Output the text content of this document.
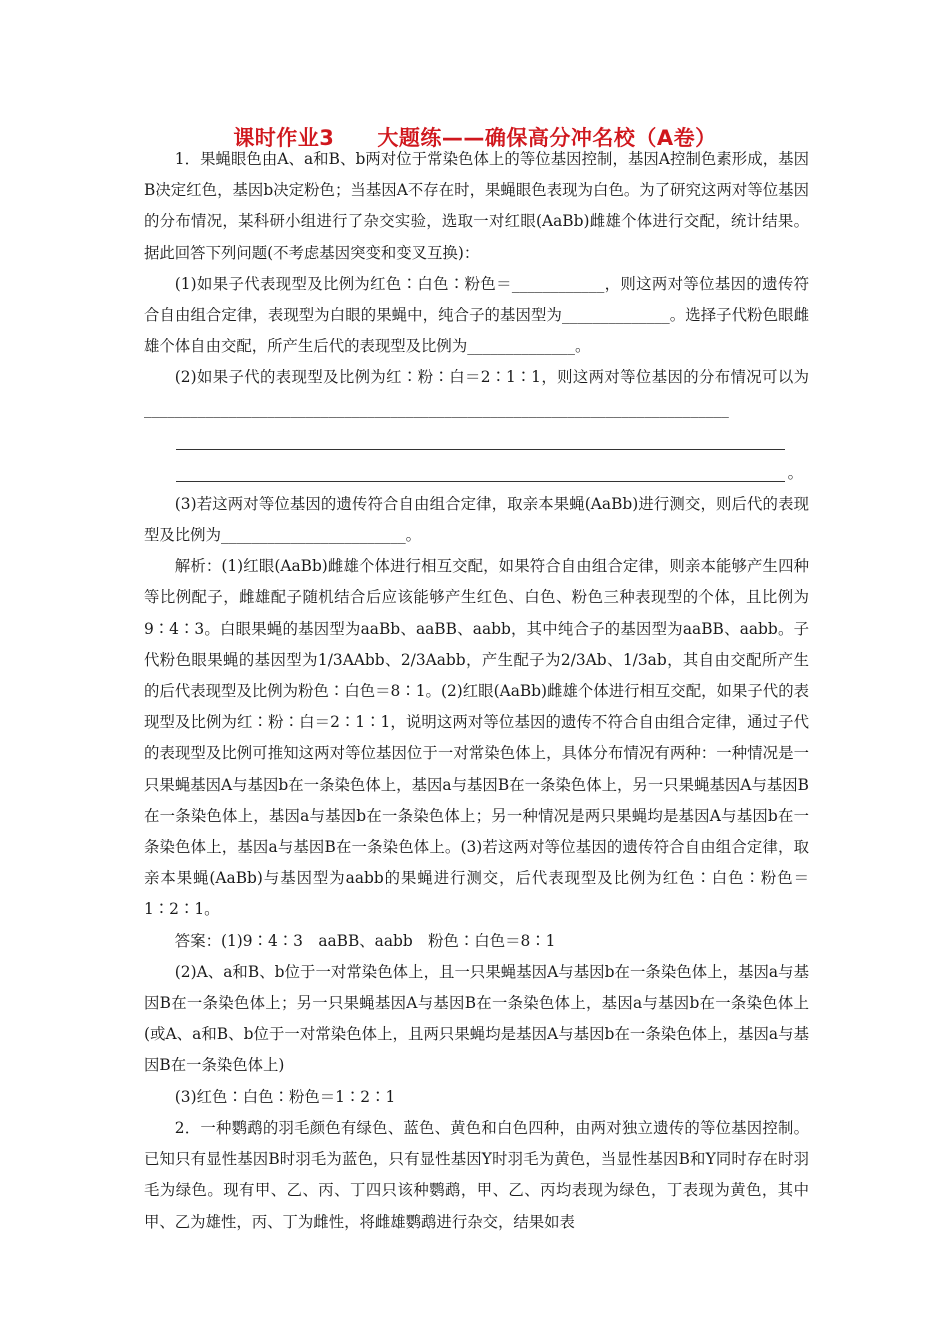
课时作业3　　大题练——确保高分冲名校（A卷）

1．果蝇眼色由A、a和B、b两对位于常染色体上的等位基因控制，基因A控制色素形成，基因B决定红色，基因b决定粉色；当基因A不存在时，果蝇眼色表现为白色。为了研究这两对等位基因的分布情况，某科研小组进行了杂交实验，选取一对红眼(AaBb)雌雄个体进行交配，统计结果。据此回答下列问题(不考虑基因突变和变叉互换)：

(1)如果子代表现型及比例为红色∶白色∶粉色＝____________，则这两对等位基因的遗传符合自由组合定律，表现型为白眼的果蝇中，纯合子的基因型为______________。选择子代粉色眼雌雄个体自由交配，所产生后代的表现型及比例为______________。

(2)如果子代的表现型及比例为红∶粉∶白＝2∶1∶1，则这两对等位基因的分布情况可以为____________________________________________________________________________

。

(3)若这两对等位基因的遗传符合自由组合定律，取亲本果蝇(AaBb)进行测交，则后代的表现型及比例为________________________。

解析：(1)红眼(AaBb)雌雄个体进行相互交配，如果符合自由组合定律，则亲本能够产生四种等比例配子，雌雄配子随机结合后应该能够产生红色、白色、粉色三种表现型的个体，且比例为9∶4∶3。白眼果蝇的基因型为aaBb、aaBB、aabb，其中纯合子的基因型为aaBB、aabb。子代粉色眼果蝇的基因型为1/3AAbb、2/3Aabb，产生配子为2/3Ab、1/3ab，其自由交配所产生的后代表现型及比例为粉色∶白色＝8∶1。(2)红眼(AaBb)雌雄个体进行相互交配，如果子代的表现型及比例为红∶粉∶白＝2∶1∶1，说明这两对等位基因的遗传不符合自由组合定律，通过子代的表现型及比例可推知这两对等位基因位于一对常染色体上，具体分布情况有两种：一种情况是一只果蝇基因A与基因b在一条染色体上，基因a与基因B在一条染色体上，另一只果蝇基因A与基因B在一条染色体上，基因a与基因b在一条染色体上；另一种情况是两只果蝇均是基因A与基因b在一条染色体上，基因a与基因B在一条染色体上。(3)若这两对等位基因的遗传符合自由组合定律，取亲本果蝇(AaBb)与基因型为aabb的果蝇进行测交，后代表现型及比例为红色∶白色∶粉色＝1∶2∶1。

答案：(1)9∶4∶3　aaBB、aabb　粉色∶白色＝8∶1

(2)A、a和B、b位于一对常染色体上，且一只果蝇基因A与基因b在一条染色体上，基因a与基因B在一条染色体上；另一只果蝇基因A与基因B在一条染色体上，基因a与基因b在一条染色体上(或A、a和B、b位于一对常染色体上，且两只果蝇均是基因A与基因b在一条染色体上，基因a与基因B在一条染色体上)

(3)红色∶白色∶粉色＝1∶2∶1

2．一种鹦鹉的羽毛颜色有绿色、蓝色、黄色和白色四种，由两对独立遗传的等位基因控制。已知只有显性基因B时羽毛为蓝色，只有显性基因Y时羽毛为黄色，当显性基因B和Y同时存在时羽毛为绿色。现有甲、乙、丙、丁四只该种鹦鹉，甲、乙、丙均表现为绿色，丁表现为黄色，其中甲、乙为雄性，丙、丁为雌性，将雌雄鹦鹉进行杂交，结果如表
